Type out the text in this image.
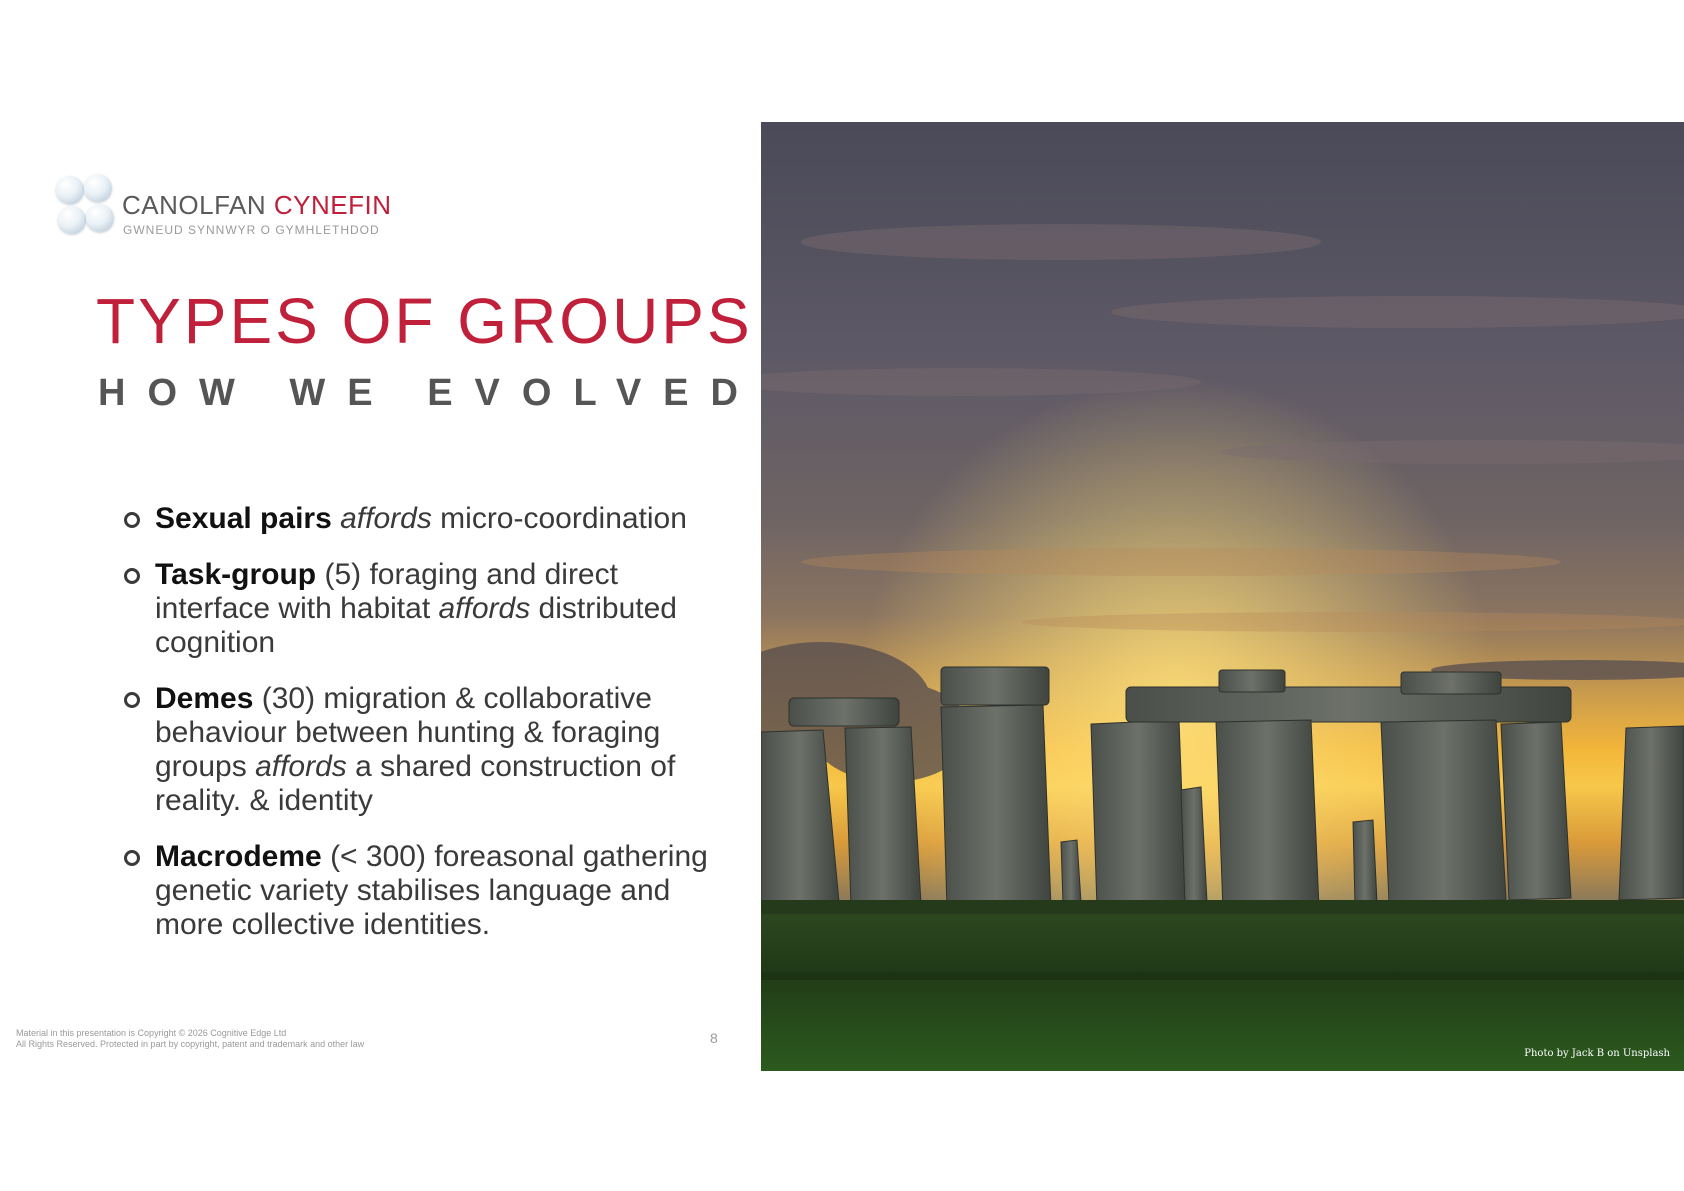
CANOLFAN CYNEFIN
GWNEUD SYNNWYR O GYMHLETHDOD
TYPES OF GROUPS
HOW WE EVOLVED
Sexual pairs affords micro-coordination
Task-group (5) foraging and direct interface with habitat affords distributed cognition
Demes (30) migration & collaborative behaviour between hunting & foraging groups affords a shared construction of reality. & identity
Macrodeme (< 300) foreasonal gathering genetic variety stabilises language and more collective identities.
Material in this presentation is Copyright © 2026 Cognitive Edge Ltd
All Rights Reserved. Protected in part by copyright, patent and trademark and other law	8
Photo by Jack B on Unsplash
